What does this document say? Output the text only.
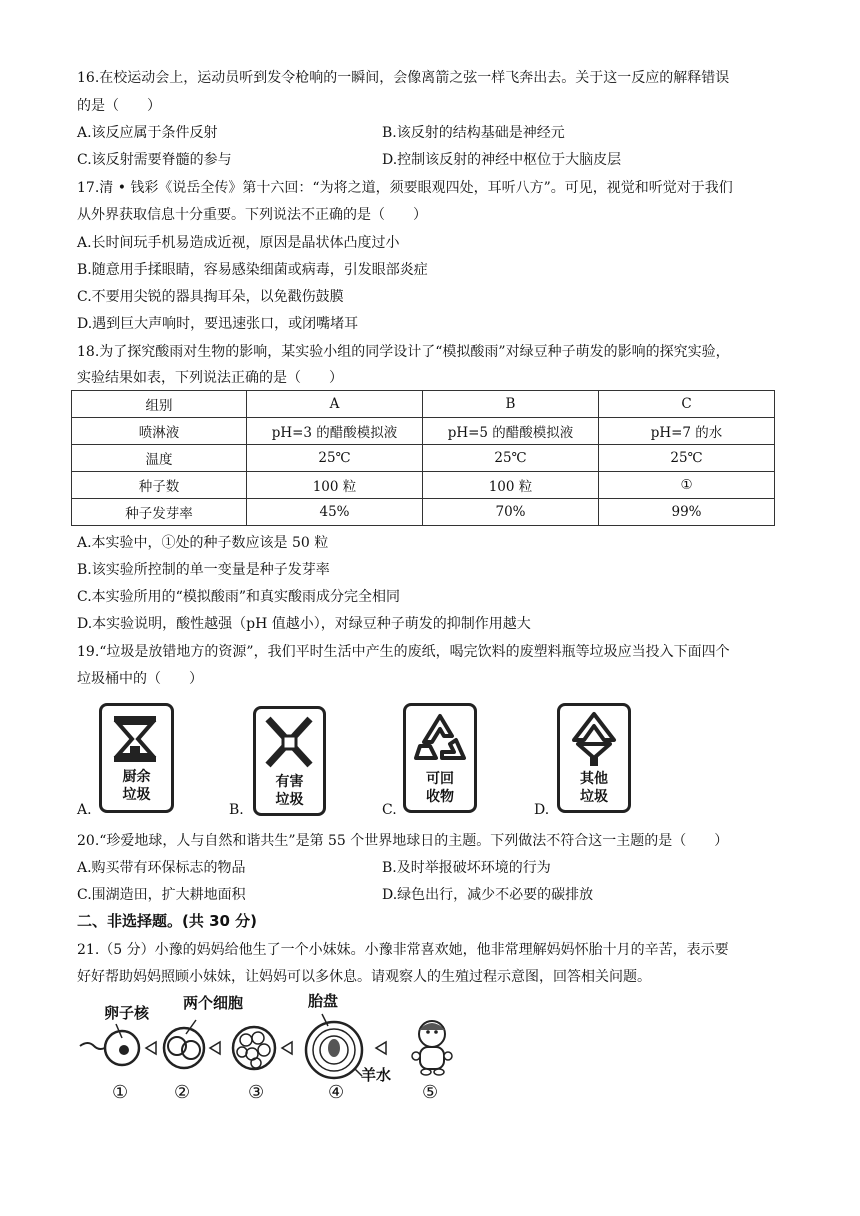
16.在校运动会上，运动员听到发令枪响的一瞬间，会像离箭之弦一样飞奔出去。关于这一反应的解释错误
的是（　　）
A.该反应属于条件反射	B.该反射的结构基础是神经元
C.该反射需要脊髓的参与	D.控制该反射的神经中枢位于大脑皮层
17.清 • 钱彩《说岳全传》第十六回：“为将之道，须要眼观四处，耳听八方”。可见，视觉和听觉对于我们
从外界获取信息十分重要。下列说法不正确的是（　　）
A.长时间玩手机易造成近视，原因是晶状体凸度过小
B.随意用手揉眼睛，容易感染细菌或病毒，引发眼部炎症
C.不要用尖锐的器具掏耳朵，以免戳伤鼓膜
D.遇到巨大声响时，要迅速张口，或闭嘴堵耳
18.为了探究酸雨对生物的影响，某实验小组的同学设计了“模拟酸雨”对绿豆种子萌发的影响的探究实验，
实验结果如表，下列说法正确的是（　　）
组别	A	B	C
喷淋液	pH=3 的醋酸模拟液	pH=5 的醋酸模拟液	pH=7 的水
温度	25℃	25℃	25℃
种子数	100 粒	100 粒	①
种子发芽率	45%	70%	99%
A.本实验中，①处的种子数应该是 50 粒
B.该实验所控制的单一变量是种子发芽率
C.本实验所用的“模拟酸雨”和真实酸雨成分完全相同
D.本实验说明，酸性越强（pH 值越小），对绿豆种子萌发的抑制作用越大
19.“垃圾是放错地方的资源”，我们平时生活中产生的废纸，喝完饮料的废塑料瓶等垃圾应当投入下面四个
垃圾桶中的（　　）
A.
厨余
垃圾
B.
有害
垃圾
C.
可回
收物
D.
其他
垃圾
20.“珍爱地球，人与自然和谐共生”是第 55 个世界地球日的主题。下列做法不符合这一主题的是（　　）
A.购买带有环保标志的物品	B.及时举报破坏环境的行为
C.围湖造田，扩大耕地面积	D.绿色出行，减少不必要的碳排放
二、非选择题。(共 30 分)
21.（5 分）小豫的妈妈给他生了一个小妹妹。小豫非常喜欢她，他非常理解妈妈怀胎十月的辛苦，表示要
好好帮助妈妈照顾小妹妹，让妈妈可以多休息。请观察人的生殖过程示意图，回答相关问题。
卵子核
两个细胞	胎盘
羊水
①	②	③	④	⑤
